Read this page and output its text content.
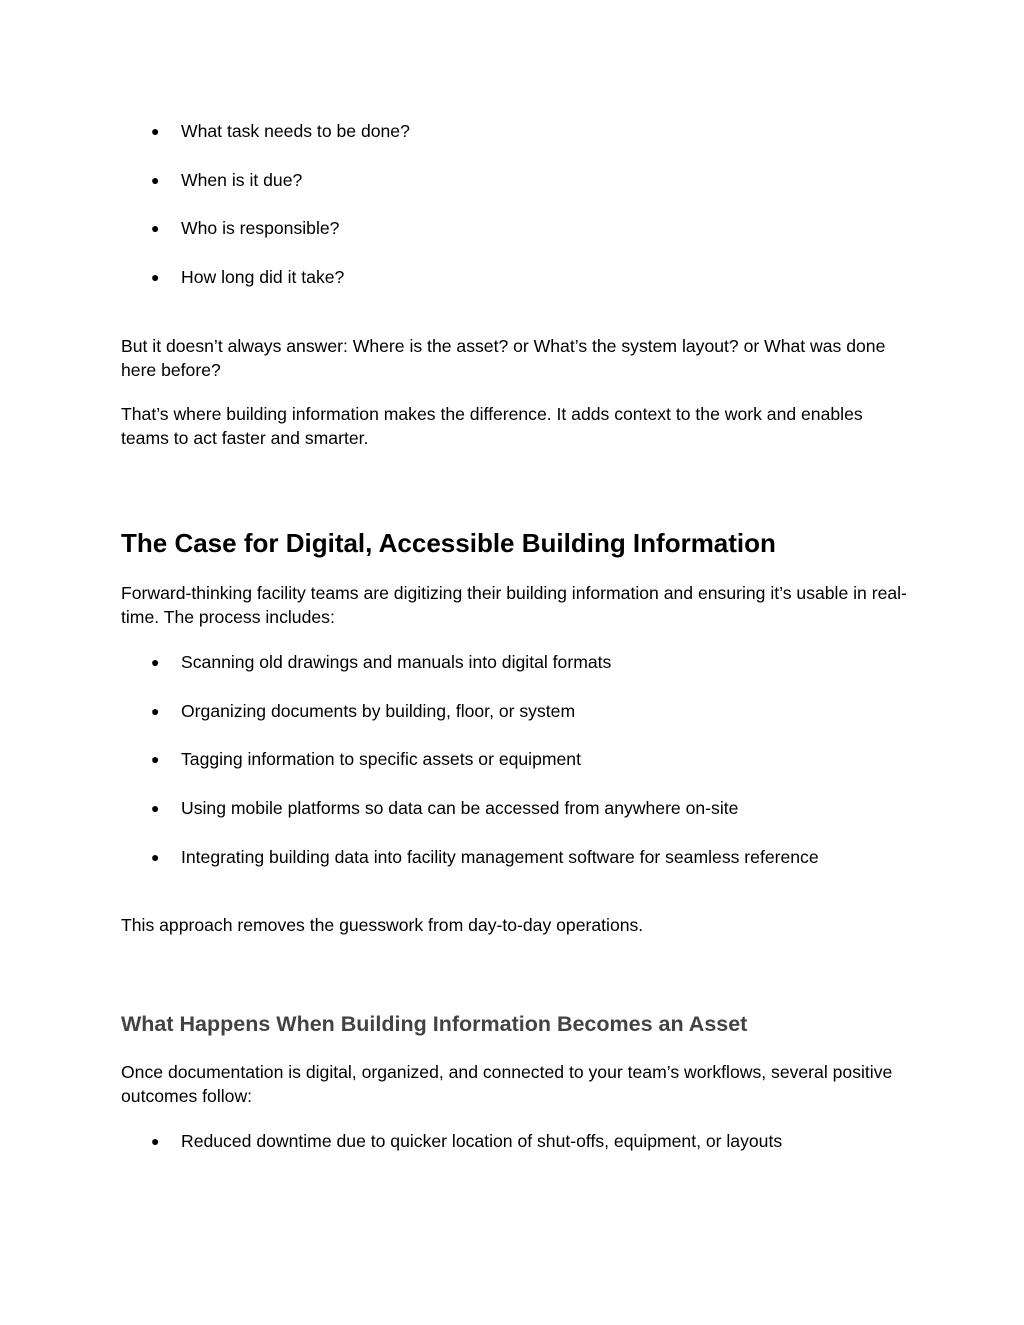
● What task needs to be done?
● When is it due?
● Who is responsible?
● How long did it take?

But it doesn’t always answer: Where is the asset? or What’s the system layout? or What was done here before?

That’s where building information makes the difference. It adds context to the work and enables teams to act faster and smarter.

The Case for Digital, Accessible Building Information

Forward-thinking facility teams are digitizing their building information and ensuring it’s usable in real-time. The process includes:

● Scanning old drawings and manuals into digital formats
● Organizing documents by building, floor, or system
● Tagging information to specific assets or equipment
● Using mobile platforms so data can be accessed from anywhere on-site
● Integrating building data into facility management software for seamless reference

This approach removes the guesswork from day-to-day operations.

What Happens When Building Information Becomes an Asset

Once documentation is digital, organized, and connected to your team’s workflows, several positive outcomes follow:

● Reduced downtime due to quicker location of shut-offs, equipment, or layouts
